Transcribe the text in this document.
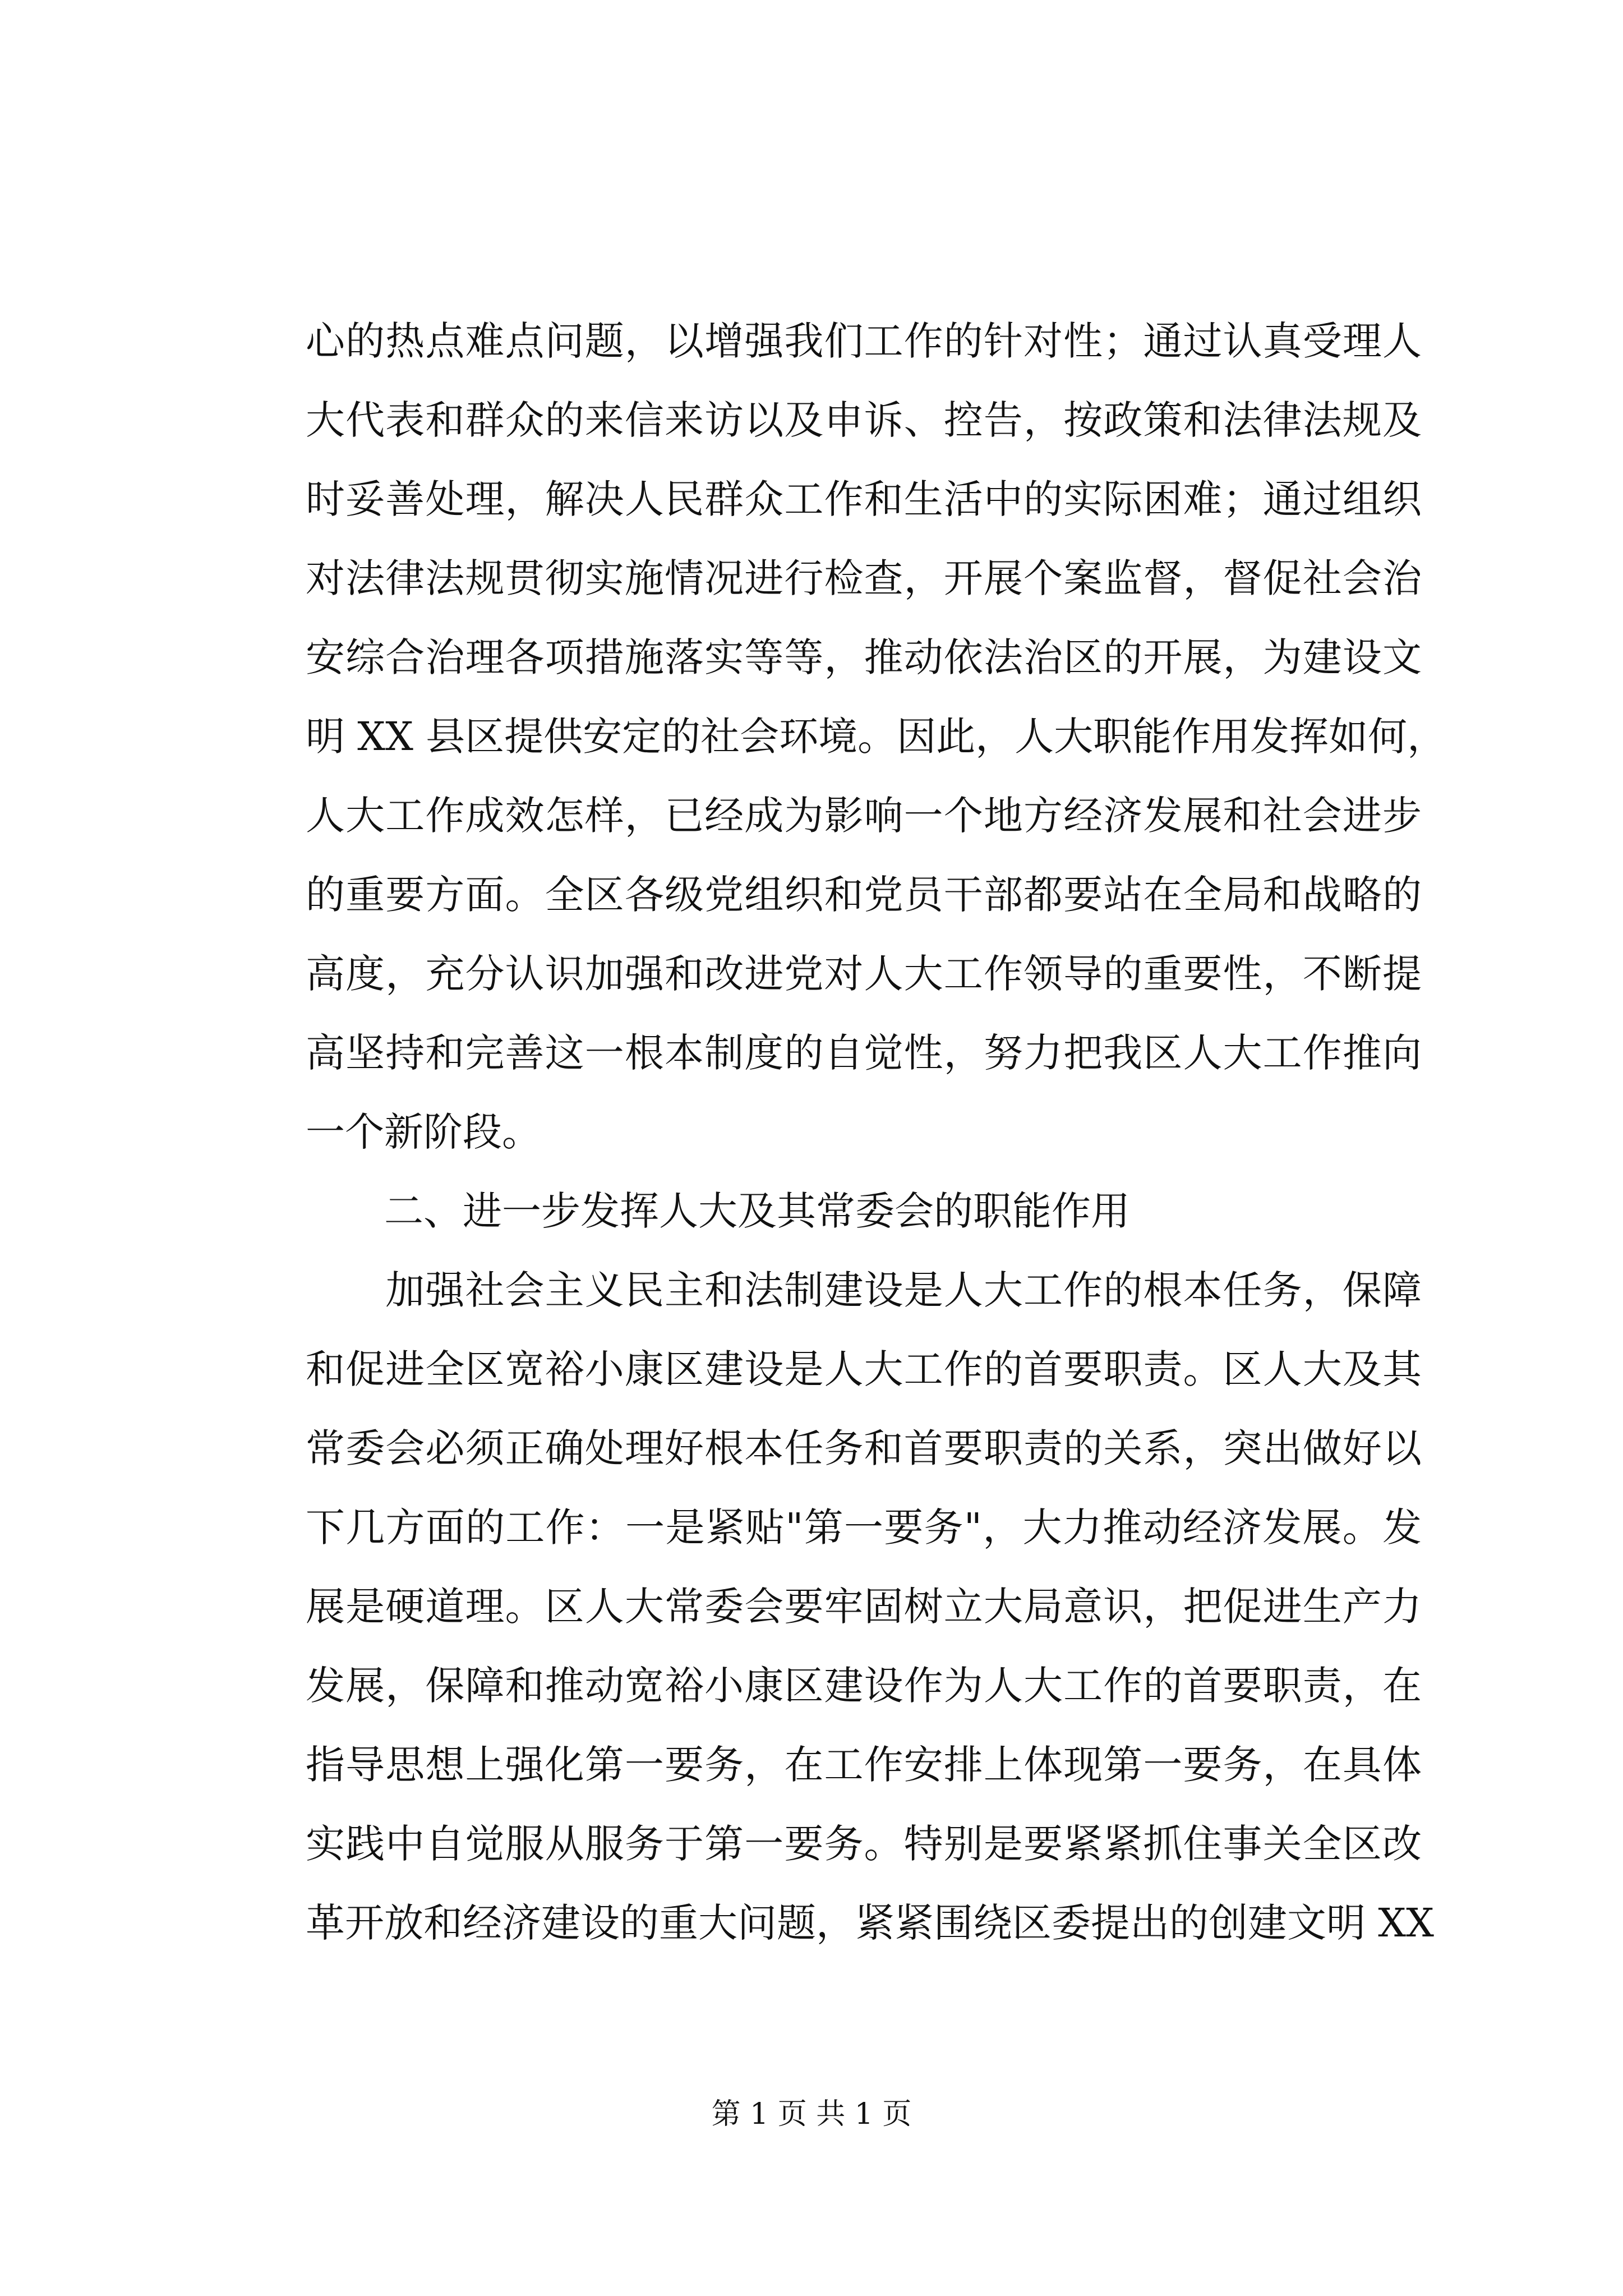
心的热点难点问题，以增强我们工作的针对性；通过认真受理人
大代表和群众的来信来访以及申诉、控告，按政策和法律法规及
时妥善处理，解决人民群众工作和生活中的实际困难；通过组织
对法律法规贯彻实施情况进行检查，开展个案监督，督促社会治
安综合治理各项措施落实等等，推动依法治区的开展，为建设文
明 XX 县区提供安定的社会环境。因此，人大职能作用发挥如何，
人大工作成效怎样，已经成为影响一个地方经济发展和社会进步
的重要方面。全区各级党组织和党员干部都要站在全局和战略的
高度，充分认识加强和改进党对人大工作领导的重要性，不断提
高坚持和完善这一根本制度的自觉性，努力把我区人大工作推向
一个新阶段。
　　二、进一步发挥人大及其常委会的职能作用
　　加强社会主义民主和法制建设是人大工作的根本任务，保障
和促进全区宽裕小康区建设是人大工作的首要职责。区人大及其
常委会必须正确处理好根本任务和首要职责的关系，突出做好以
下几方面的工作：一是紧贴"第一要务"，大力推动经济发展。发
展是硬道理。区人大常委会要牢固树立大局意识，把促进生产力
发展，保障和推动宽裕小康区建设作为人大工作的首要职责，在
指导思想上强化第一要务，在工作安排上体现第一要务，在具体
实践中自觉服从服务于第一要务。特别是要紧紧抓住事关全区改
革开放和经济建设的重大问题，紧紧围绕区委提出的创建文明 XX
第 1 页 共 1 页
